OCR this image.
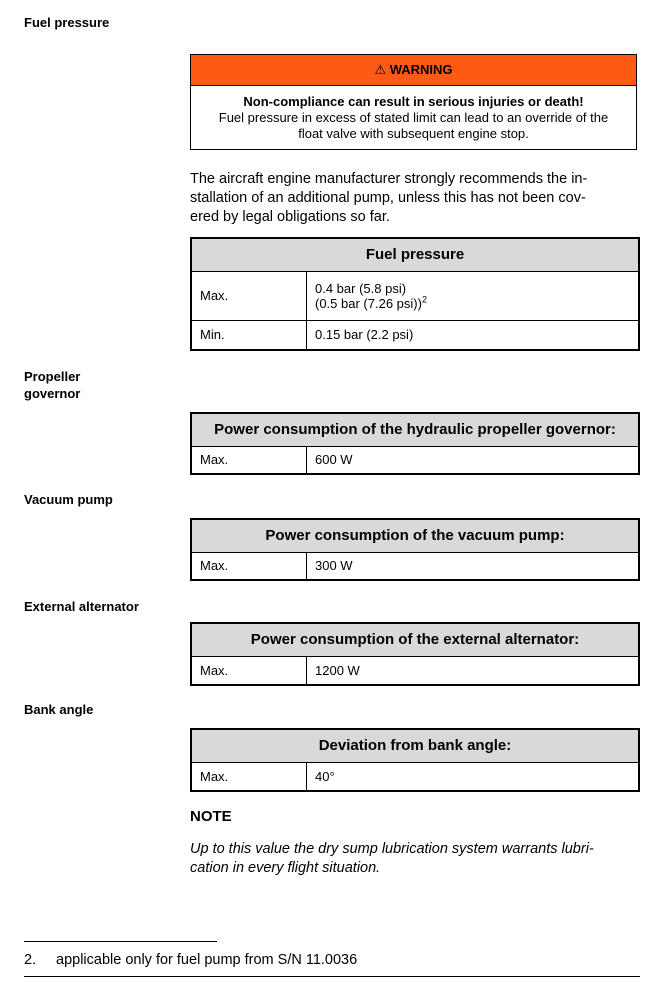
Fuel pressure
⚠ WARNING
Non-compliance can result in serious injuries or death!
Fuel pressure in excess of stated limit can lead to an override of the
float valve with subsequent engine stop.
The aircraft engine manufacturer strongly recommends the in-
stallation of an additional pump, unless this has not been cov-
ered by legal obligations so far.
Fuel pressure	
Max.	0.4 bar (5.8 psi)
(0.5 bar (7.26 psi))$^2$

Min.	0.15 bar (2.2 psi)
Propeller
governor
Power consumption of the hydraulic propeller governor:
Max.	600 W
Vacuum pump
Power consumption of the vacuum pump:
Max.	300 W
External alternator
Power consumption of the external alternator:
Max.	1200 W
Bank angle
Deviation from bank angle:
Max.	40°
NOTE
Up to this value the dry sump lubrication system warrants lubri-
cation in every flight situation.
2. applicable only for fuel pump from S/N 11.0036
